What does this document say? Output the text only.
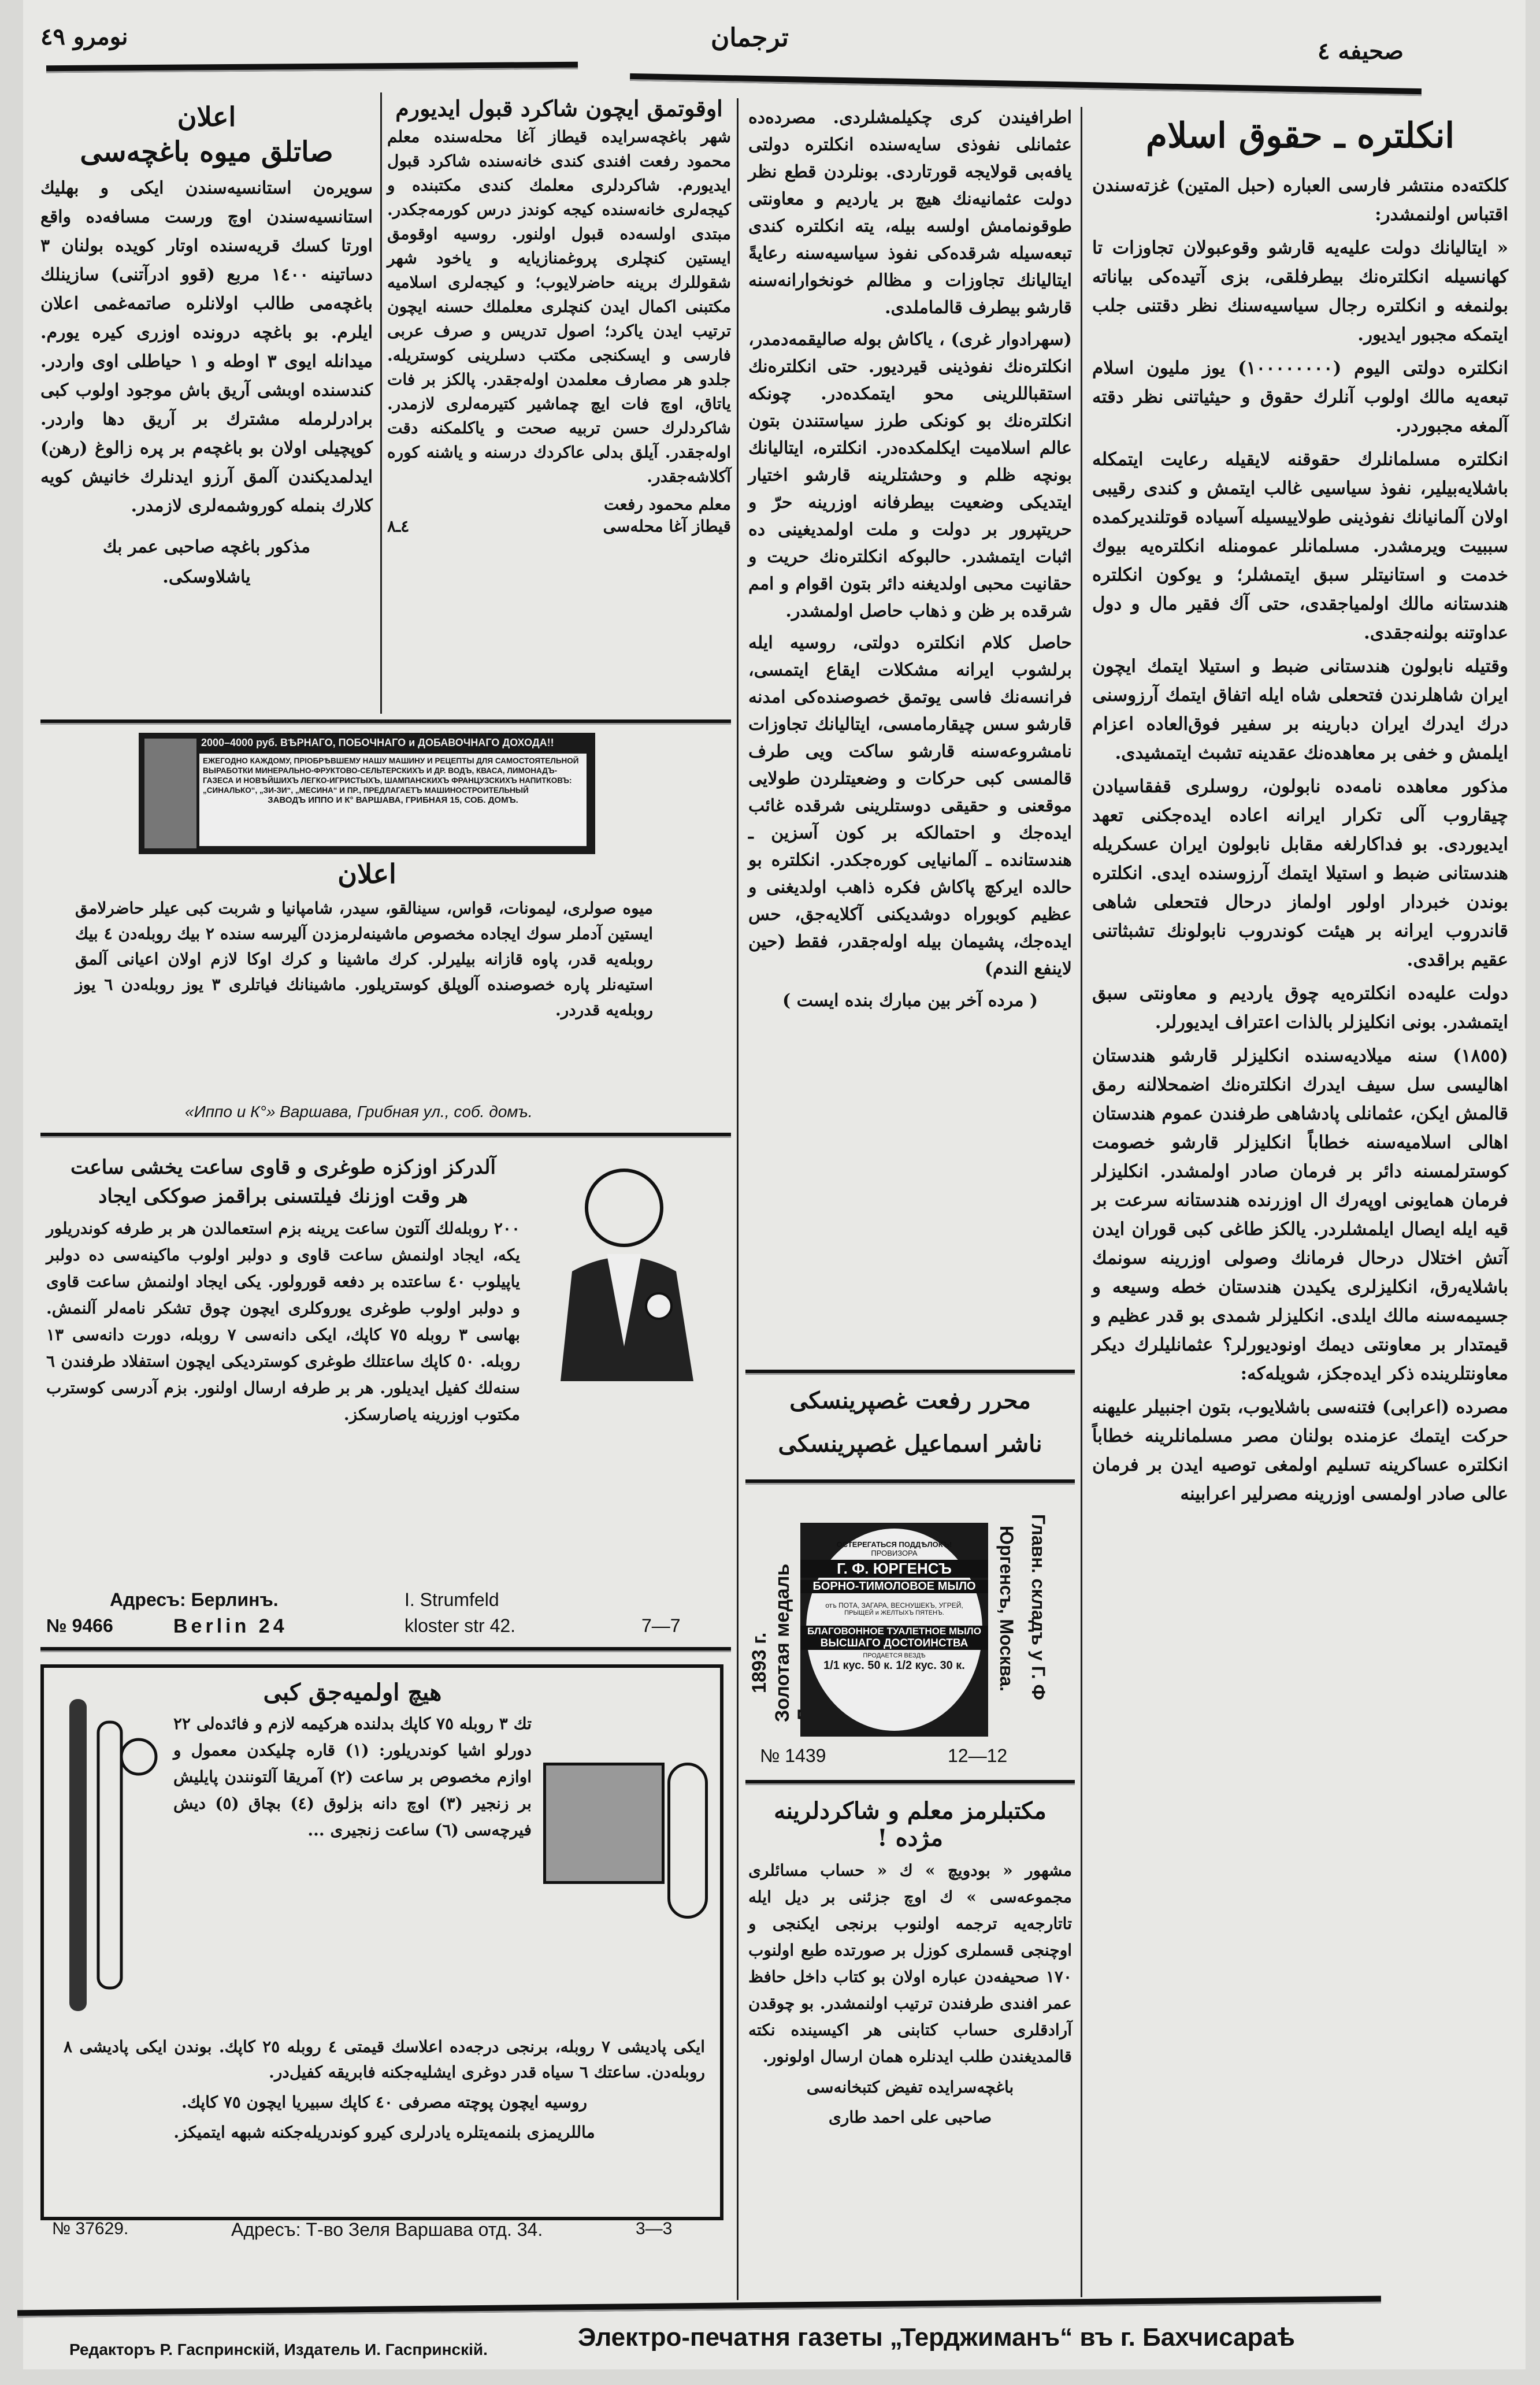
نومرو ٤٩	ترجمان	صحيفه ٤
انكلتره ـ حقوق اسلام

كلكته‌ده منتشر فارسى العباره (حبل المتين) غزته‌سندن اقتباس اولنمشدر:

« ايتاليانك دولت عليه‌يه قارشو وقوعبولان تجاوزات تا كهانسيله انكلتره‌نك بيطرفلقى، بزى آتيده‌كى بياناته بولنمغه و انكلتره رجال سياسيه‌سنك نظر دقتنى جلب ايتمكه مجبور ايديور.

انكلتره دولتى اليوم (١٠٠٠٠٠٠٠٠) يوز مليون اسلام تبعه‌يه مالك اولوب آنلرك حقوق و حيثياتنى نظر دقته آلمغه مجبوردر.

انكلتره مسلمانلرك حقوقنه لايقيله رعايت ايتمكله باشلايه‌بيلير، نفوذ سياسيى غالب ايتمش و كندى رقيبى اولان آلمانيانك نفوذينى طولاييسيله آسياده قوتلنديركمده سببيت ويرمشدر. مسلمانلر عمومنله انكلتره‌يه بيوك خدمت و استانيتلر سبق ايتمشلر؛ و يوكون انكلتره هندستانه مالك اولمياجقدى، حتى آك فقير مال و دول عداوتنه بولنه‌جقدى.

وقتيله نابولون هندستانى ضبط و استيلا ايتمك ايچون ايران شاهلرندن فتحعلى شاه ايله اتفاق ايتمك آرزوسنى درك ايدرك ايران دبارينه بر سفير فوق‌العاده اعزام ايلمش و خفى بر معاهده‌نك عقدينه تشبث ايتمشيدى.

مذكور معاهده نامه‌ده نابولون، روسلرى قفقاسيادن چيقاروب آلى تكرار ايرانه اعاده ايده‌جكنى تعهد ايديوردى. بو فداكارلغه مقابل نابولون ايران عسكريله هندستانى ضبط و استيلا ايتمك آرزوسنده ايدى. انكلتره بوندن خبردار اولور اولماز درحال فتحعلى شاهى قاندروب ايرانه بر هيئت كوندروب نابولونك تشبثاتنى عقيم براقدى.

دولت عليه‌ده انكلتره‌يه چوق يارديم و معاونتى سبق ايتمشدر. بونى انكليزلر بالذات اعتراف ايديورلر.

(١٨٥٥) سنه ميلاديه‌سنده انكليزلر قارشو هندستان اهاليسى سل سيف ايدرك انكلتره‌نك اضمحلالنه رمق قالمش ايكن، عثمانلى پادشاهى طرفندن عموم هندستان اهالى اسلاميه‌سنه خطاباً انكليزلر قارشو خصومت كوسترلمسنه دائر بر فرمان صادر اولمشدر. انكليزلر فرمان همايونى اوپه‌رك ال اوزرنده هندستانه سرعت بر قيه ايله ايصال ايلمشلردر. يالكز طاغى كبى قوران ايدن آتش اختلال درحال فرمانك وصولى اوزرينه سونمك باشلايه‌رق، انكليزلرى يكيدن هندستان خطه وسيعه و جسيمه‌سنه مالك ايلدى. انكليزلر شمدى بو قدر عظيم و قيمتدار بر معاونتى ديمك اونوديورلر؟ عثمانليلرك ديكر معاونتلرينده ذكر ايده‌جكز، شويله‌كه:

مصرده (اعرابى) فتنه‌سى باشلايوب، بتون اجنبيلر عليهنه حركت ايتمك عزمنده بولنان مصر مسلمانلرينه خطاباً انكلتره عساكرينه تسليم اولمغى توصيه ايدن بر فرمان عالى صادر اولمسى اوزرينه مصرلير اعرابينه

اطرافيندن كرى چكيلمشلردى. مصرده‌ده عثمانلى نفوذى سايه‌سنده انكلتره دولتى يافه‌بى قولايجه قورتاردى. بونلردن قطع نظر دولت عثمانيه‌نك هيچ بر يارديم و معاونتى طوقونمامش اولسه بيله، يته انكلتره كندى تبعه‌سيله شرقده‌كى نفوذ سياسيه‌سنه رعايةً ايتاليانك تجاوزات و مظالم خونخوارانه‌سنه قارشو بيطرف قالماملدى.

(سهرادوار غرى) ، ياكاش بوله صاليقمه‌دمدر، انكلتره‌نك نفوذينى قيرديور. حتى انكلتره‌نك استقباللرينى محو ايتمكده‌در. چونكه انكلتره‌نك بو كونكى طرز سياستندن بتون عالم اسلاميت ايكلمكده‌در. انكلتره، ايتاليانك بونچه ظلم و وحشتلرينه قارشو اختيار ايتديكى وضعيت بيطرفانه اوزرينه حرّ و حريتپرور بر دولت و ملت اولمدیغینی ده اثبات ايتمشدر. حالبوكه انكلتره‌نك حريت و حقانيت محبى اولديغنه دائر بتون اقوام و امم شرقده بر ظن و ذهاب حاصل اولمشدر.

حاصل كلام انكلتره دولتى، روسيه ايله برلشوب ايرانه مشكلات ايقاع ايتمسى، فرانسه‌نك فاسى يوتمق خصوصنده‌كى امدنه قارشو سس چيقارمامسى، ايتاليانك تجاوزات نامشروعه‌سنه قارشو ساكت ويى طرف قالمسى كبى حركات و وضعيتلردن طولايى موقعنى و حقيقى دوستلرينى شرقده غائب ايده‌جك و احتمالكه بر كون آسزين ـ هندستانده ـ آلمانيايى كوره‌جكدر. انكلتره بو حالده ايركچ پاكاش فكره ذاهب اولديغنى و عظيم كوبوراه دوشديكنى آكلايه‌جق، حس ايده‌جك، پشيمان بيله اوله‌جقدر، فقط (حين لاينفع الندم)

( مرده آخر بين مبارك بنده ايست )

محرر رفعت غصپرینسکی
ناشر اسماعيل غصپرینسکی
Золотая медаль
1893 г.
ОСТЕРЕГАТЬСЯ ПОДДѢЛОКЪ!
ПРОВИЗОРА
Г. Ф. ЮРГЕНСЪ
БОРНО-ТИМОЛОВОЕ МЫЛО
отъ ПОТА, ЗАГАРА, ВЕСНУШЕКЪ, УГРЕЙ,
ПРЫЩЕЙ и ЖЕЛТЫХЪ ПЯТЕНЪ.
БЛАГОВОННОЕ ТУАЛЕТНОЕ МЫЛО
ВЫСШАГО ДОСТОИНСТВА
ПРОДАЕТСЯ ВЕЗДѢ
1/1 кус. 50 к. 1/2 кус. 30 к.	Главн. складъ у Г. Ф
Юргенсъ, Москва.
№ 1439	12—12
مكتبلرمز معلم و شاكردلرينه مژده !

مشهور « بودويچ » ك « حساب مسائلرى مجموعه‌سى » ك اوچ جزئنى بر ديل ايله تاتارجه‌يه ترجمه اولنوب برنجى ايكنجى و اوچنجى قسملرى كوزل بر صورتده طبع اولنوب ١٧٠ صحيفه‌دن عباره اولان بو كتاب داخل حافظ عمر افندى طرفندن ترتيب اولنمشدر. بو چوقدن آرادقلرى حساب كتابنى هر اكيسينده نكته قالمديغندن طلب ايدنلره همان ارسال اولونور.

باغچه‌سرايده تفيض كتبخانه‌سى

صاحبى على احمد طارى

اعلان
صاتلق ميوه باغچه‌سى

سويره‌ن استانسيه‌سندن ايكى و بهليك استانسيه‌سندن اوچ ورست مسافه‌ده واقع اورتا كسك قريه‌سنده اوتار كويده بولنان ٣ دساتينه ١٤٠٠ مربع (قوو ادرآتنى) سازينلك باغچه‌مى طالب اولانلره صاتمه‌غمى اعلان ايلرم. بو باغچه درونده اوزرى كيره يورم. ميدانله ايوى ٣ اوطه و ١ حياطلى اوى واردر. كندسنده اوبشى آريق باش موجود اولوب كبى برادرلرمله مشترك بر آريق دها واردر. كوپچيلى اولان بو باغچه‌م بر پره زالوغ (رهن) ايدلمديكندن آلمق آرزو ايدنلرك خانيش كويه كلارك بنمله كوروشمه‌لرى لازمدر.

مذكور باغچه صاحبى عمر بك

ياشلاوسكى.

اوقوتمق ايچون شاكرد قبول ايديورم

شهر باغچه‌سرايده قيطاز آغا محله‌سنده معلم محمود رفعت افندى كندى خانه‌سنده شاكرد قبول ايديورم. شاكردلرى معلمك كندى مكتبنده و كيجه‌لرى خانه‌سنده كيجه كوندز درس كورمه‌جكدر. مبتدى اولسه‌ده قبول اولنور. روسيه اوقومق ايستين كنچلرى پروغمنازيايه و ياخود شهر شقوللرك برينه حاضرلايوب؛ و كيجه‌لرى اسلاميه مكتبنى اكمال ايدن كنچلرى معلملك حسنه ايچون ترتيب ايدن ياكرد؛ اصول تدريس و صرف عربى فارسى و ايسكنجى مكتب دسلرينى كوستريله. جلدو هر مصارف معلمدن اوله‌جقدر. پالكز بر فات ياتاق، اوچ فات ايچ چماشير كتيرمه‌لرى لازمدر. شاكردلرك حسن تربيه صحت و ياكلمكنه دقت اوله‌جقدر. آيلق بدلى عاكردك درسنه و ياشنه كوره آكلاشه‌جقدر.

معلم محمود رفعت
قيطاز آغا محله‌سى
٤ـ٨
2000–4000 руб. ВѢРНАГО, ПОБОЧНАГО и ДОБАВОЧНАГО ДОХОДА!!
ЕЖЕГОДНО КАЖДОМУ, ПРІОБРѢВШЕМУ НАШУ МАШИНУ И РЕЦЕПТЫ ДЛЯ САМОСТОЯТЕЛЬНОЙ ВЫРАБОТКИ МИНЕРАЛЬНО-ФРУКТОВО-СЕЛЬТЕРСКИХЪ И ДР. ВОДЪ, КВАСА, ЛИМОНАДЪ-ГАЗЕСА И НОВѢЙШИХЪ ЛЕГКО-ИГРИСТЫХЪ, ШАМПАНСКИХЪ ФРАНЦУЗСКИХЪ НАПИТКОВЪ: „СИНАЛЬКО“, „ЗИ-ЗИ“, „МЕСИНА“ И ПР., ПРЕДЛАГАЕТЪ МАШИНОСТРОИТЕЛЬНЫЙ
ЗАВОДЪ ИППО И К° ВАРШАВА, ГРИБНАЯ 15, СОБ. ДОМЪ.
اعلان

ميوه صولرى، ليمونات، قواس، سينالقو، سيدر، شامپانيا و شربت كبى عيلر حاضرلامق ايستين آدملر سوك ايجاده مخصوص ماشينه‌لرمزدن آليرسه سنده ٢ بيك روبله‌دن ٤ بيك روبله‌يه قدر، پاوه قازانه بيليرلر. كرك ماشينا و كرك اوكا لازم اولان اعيانى آلمق استيه‌نلر پاره خصوصنده آلوپلق كوستريلور. ماشينانك فياتلرى ٣ يوز روبله‌دن ٦ يوز روبله‌يه قدردر.

«Иппо и К°» Варшава, Грибная ул., соб. домъ.
آلدركز اوزكزه طوغرى و قاوى ساعت يخشى ساعت
هر وقت اوزنك فيلتسنى براقمز صوككى ايجاد

٢٠٠ روبله‌لك آلتون ساعت يرينه بزم استعمالدن هر بر طرفه كوندريلور يكه، ايجاد اولنمش ساعت قاوى و دولبر اولوب ماكينه‌سى ده دولبر ياپيلوب ٤٠ ساعتده بر دفعه قورولور. يكى ايجاد اولنمش ساعت قاوى و دولبر اولوب طوغرى يوروكلرى ايچون چوق تشكر نامه‌لر آلنمش. بهاسى ٣ روبله ٧٥ كاپك، ايكى دانه‌سى ٧ روبله، دورت دانه‌سى ١٣ روبله. ٥٠ كاپك ساعتلك طوغرى كوسترديكى ايچون استفلاد طرفندن ٦ سنه‌لك كفيل ايديلور. هر بر طرفه ارسال اولنور. بزم آدرسى كوسترب مكتوب اوزرينه ياصارسكز.

Адресъ: Берлинъ.
№ 9466	Berlin 24
I. Strumfeld
kloster str 42.	7—7
هيچ اولميه‌جق كبى

تك ٣ روبله ٧٥ كاپك بدلنده هركيمه لازم و فائده‌لى ٢٢ دورلو اشيا كوندريلور: (١) قاره چليكدن معمول و اوازم مخصوص بر ساعت (٢) آمريقا آلتونندن پايليش بر زنجير (٣) اوچ دانه بزلوق (٤) بچاق (٥) ديش فيرچه‌سى (٦) ساعت زنجيرى ...

ايكى پاديشى ٧ روبله، برنجى درجه‌ده اعلاسك قيمتى ٤ روبله ٢٥ كاپك. بوندن ايكى پاديشى ٨ روبله‌دن. ساعتك ٦ سياه قدر دوغرى ايشليه‌جكنه فابريقه كفيل‌در.

روسيه ايچون پوچته مصرفى ٤٠ كاپك سبيريا ايچون ٧٥ كاپك.

ماللريمزى بلنمه‌يتلره يادرلرى كيرو كوندريله‌جكنه شبهه ايتميكز.

№ 37629.	Адресъ: Т-во Зеля Варшава отд. 34.	3—3
Редакторъ Р. Гаспринскій, Издатель И. Гаспринскій.	Электро-печатня газеты „Терджиманъ“ въ г. Бахчисараѣ
